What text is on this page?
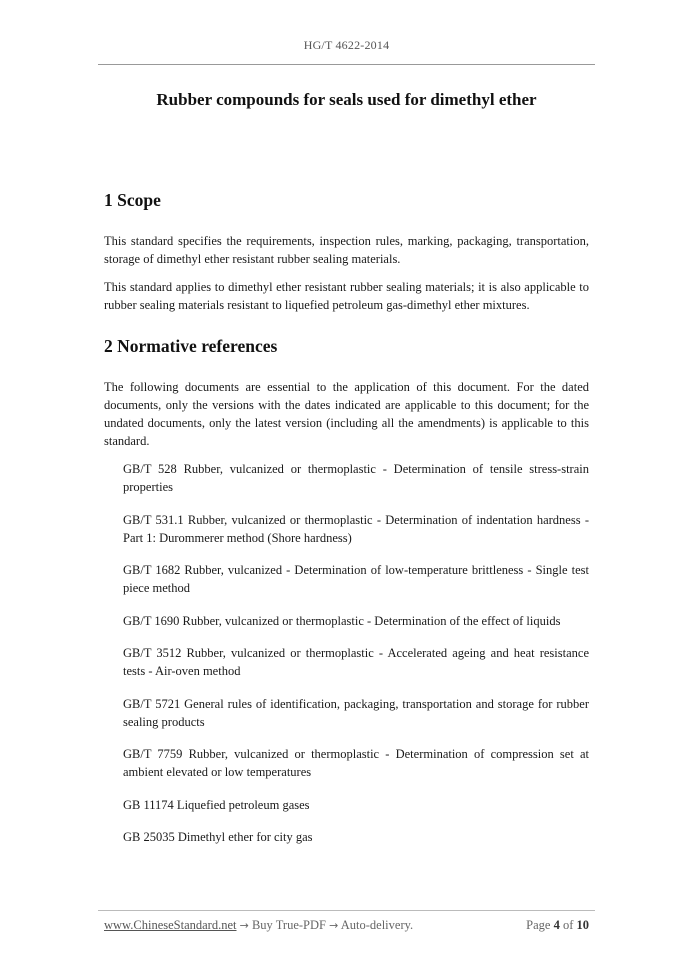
HG/T 4622-2014
Rubber compounds for seals used for dimethyl ether
1 Scope

This standard specifies the requirements, inspection rules, marking, packaging, transportation, storage of dimethyl ether resistant rubber sealing materials.

This standard applies to dimethyl ether resistant rubber sealing materials; it is also applicable to rubber sealing materials resistant to liquefied petroleum gas-dimethyl ether mixtures.

2 Normative references

The following documents are essential to the application of this document. For the dated documents, only the versions with the dates indicated are applicable to this document; for the undated documents, only the latest version (including all the amendments) is applicable to this standard.

GB/T 528 Rubber, vulcanized or thermoplastic - Determination of tensile stress-strain properties

GB/T 531.1 Rubber, vulcanized or thermoplastic - Determination of indentation hardness - Part 1: Durommerer method (Shore hardness)

GB/T 1682 Rubber, vulcanized - Determination of low-temperature brittleness - Single test piece method

GB/T 1690 Rubber, vulcanized or thermoplastic - Determination of the effect of liquids

GB/T 3512 Rubber, vulcanized or thermoplastic - Accelerated ageing and heat resistance tests - Air-oven method

GB/T 5721 General rules of identification, packaging, transportation and storage for rubber sealing products

GB/T 7759 Rubber, vulcanized or thermoplastic - Determination of compression set at ambient elevated or low temperatures

GB 11174 Liquefied petroleum gases

GB 25035 Dimethyl ether for city gas

www.ChineseStandard.net → Buy True-PDF → Auto-delivery.	Page 4 of 10
